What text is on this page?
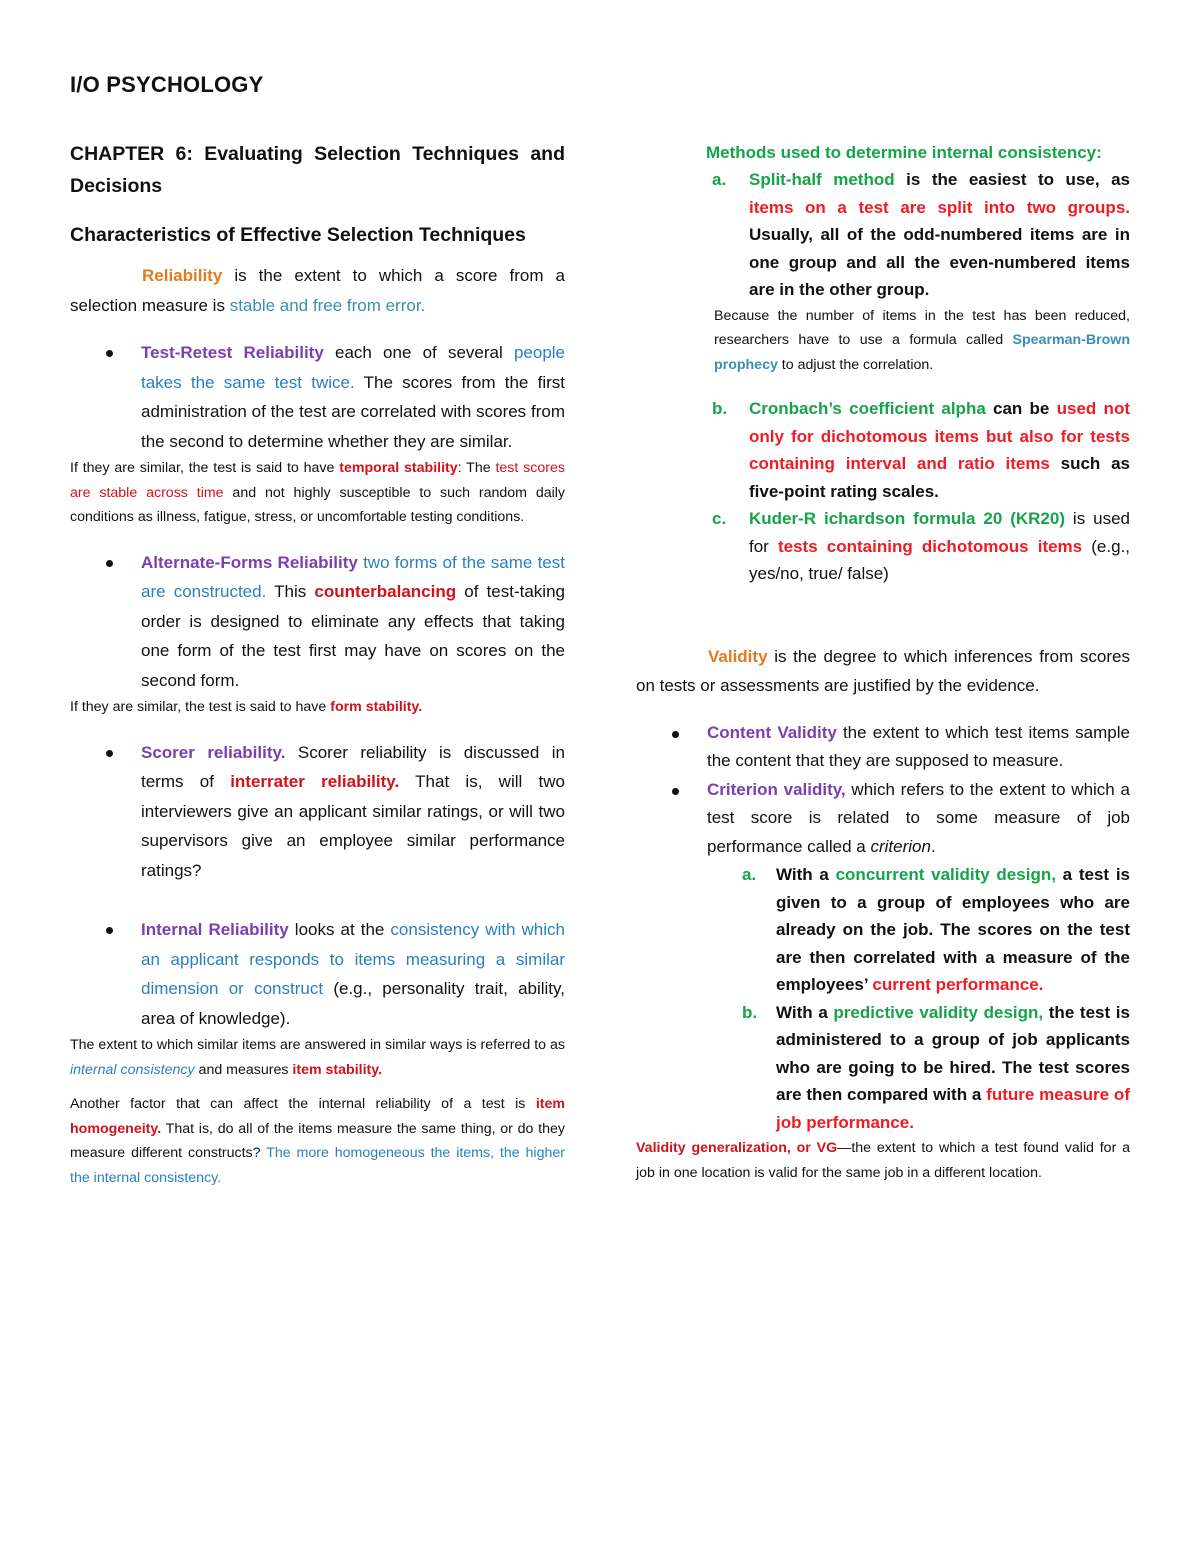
I/O PSYCHOLOGY
CHAPTER 6: Evaluating Selection Techniques and Decisions
Characteristics of Effective Selection Techniques

Reliability is the extent to which a score from a selection measure is stable and free from error.

Test-Retest Reliability each one of several people takes the same test twice. The scores from the first administration of the test are correlated with scores from the second to determine whether they are similar.

If they are similar, the test is said to have temporal stability: The test scores are stable across time and not highly susceptible to such random daily conditions as illness, fatigue, stress, or uncomfortable testing conditions.

Alternate-Forms Reliability two forms of the same test are constructed. This counterbalancing of test-taking order is designed to eliminate any effects that taking one form of the test first may have on scores on the second form.

If they are similar, the test is said to have form stability.

Scorer reliability. Scorer reliability is discussed in terms of interrater reliability. That is, will two interviewers give an applicant similar ratings, or will two supervisors give an employee similar performance ratings?

Internal Reliability looks at the consistency with which an applicant responds to items measuring a similar dimension or construct (e.g., personality trait, ability, area of knowledge).

The extent to which similar items are answered in similar ways is referred to as internal consistency and measures item stability.

Another factor that can affect the internal reliability of a test is item homogeneity. That is, do all of the items measure the same thing, or do they measure different constructs? The more homogeneous the items, the higher the internal consistency.

Methods used to determine internal consistency:

a. Split-half method is the easiest to use, as items on a test are split into two groups. Usually, all of the odd-numbered items are in one group and all the even-numbered items are in the other group.

Because the number of items in the test has been reduced, researchers have to use a formula called Spearman-Brown prophecy to adjust the correlation.

b. Cronbach’s coefficient alpha can be used not only for dichotomous items but also for tests containing interval and ratio items such as five-point rating scales.

c. Kuder-R ichardson formula 20 (KR20) is used for tests containing dichotomous items (e.g., yes/no, true/ false)

Validity is the degree to which inferences from scores on tests or assessments are justified by the evidence.

Content Validity the extent to which test items sample the content that they are supposed to measure.

Criterion validity, which refers to the extent to which a test score is related to some measure of job performance called a criterion.

a. With a concurrent validity design, a test is given to a group of employees who are already on the job. The scores on the test are then correlated with a measure of the employees’ current performance.

b. With a predictive validity design, the test is administered to a group of job applicants who are going to be hired. The test scores are then compared with a future measure of job performance.

Validity generalization, or VG—the extent to which a test found valid for a job in one location is valid for the same job in a different location.
